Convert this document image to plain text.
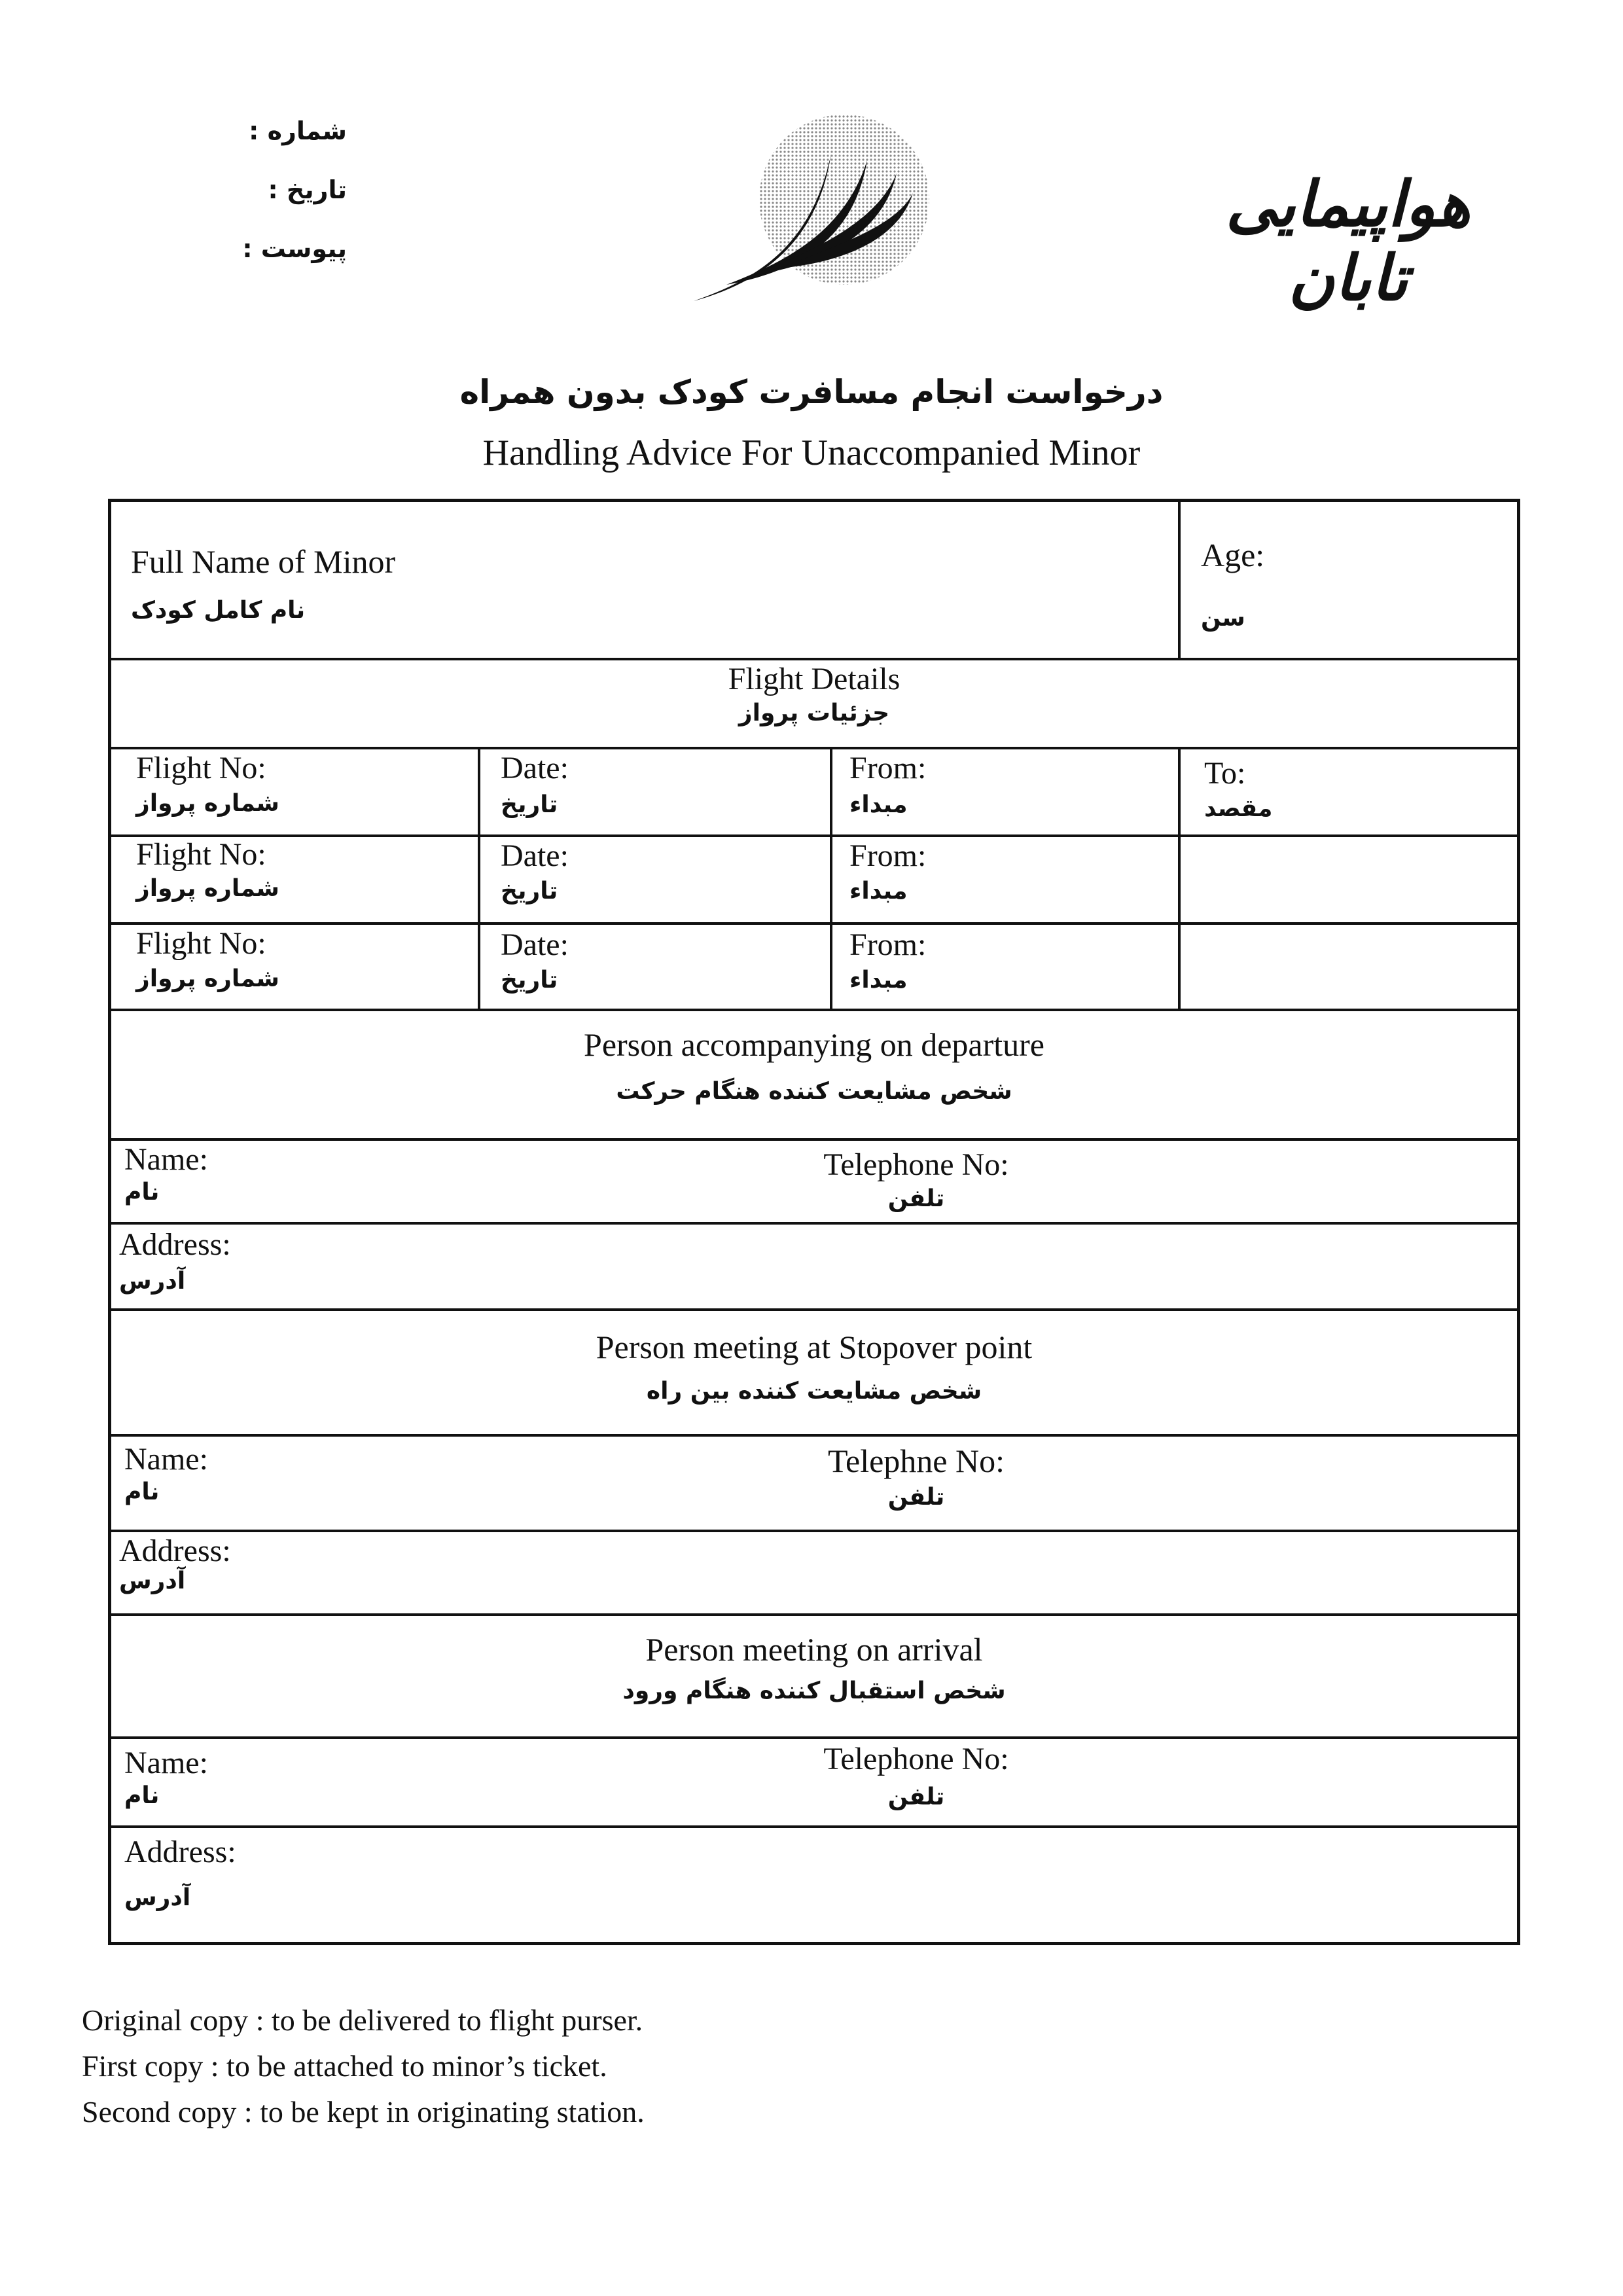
شماره :
تاریخ :
پیوست :
هواپیمایی تابان
درخواست انجام مسافرت کودک بدون همراه
Handling Advice For Unaccompanied Minor
Full Name of Minor
نام کامل کودک
Age:
سن
Flight Details
جزئیات پرواز
Flight No:
شماره پرواز
Date:
تاریخ
From:
مبداء
To:
مقصد
Flight No:
شماره پرواز
Date:
تاریخ
From:
مبداء
Flight No:
شماره پرواز
Date:
تاریخ
From:
مبداء
Person accompanying on departure
شخص مشایعت کننده هنگام حرکت
Name:
نام
Telephone No:
تلفن
Address:
آدرس
Person meeting at Stopover point
شخص مشایعت کننده بین راه
Name:
نام
Telephne No:
تلفن
Address:
آدرس
Person meeting on arrival
شخص استقبال کننده هنگام ورود
Name:
نام
Telephone No:
تلفن
Address:
آدرس
Original copy : to be delivered to flight purser.
First copy : to be attached to minor’s ticket.
Second copy : to be kept in originating station.
